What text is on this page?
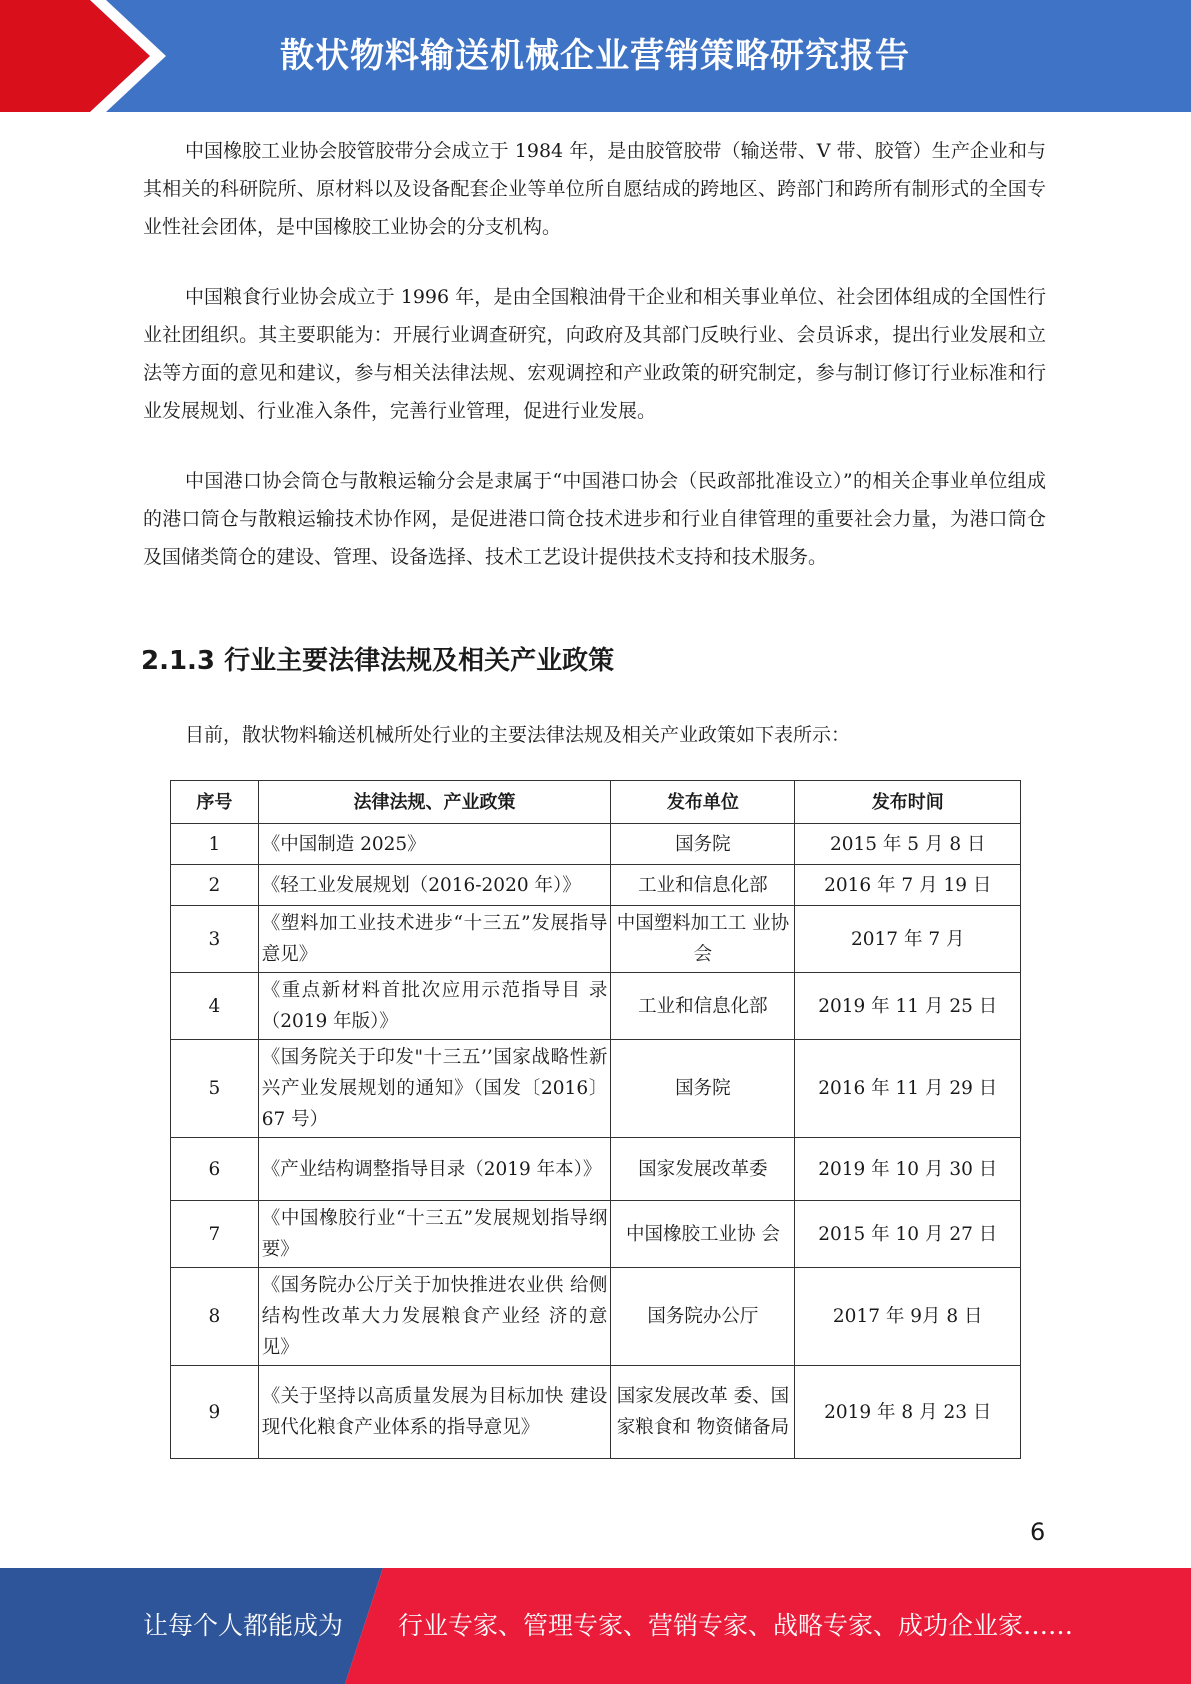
散状物料输送机械企业营销策略研究报告

中国橡胶工业协会胶管胶带分会成立于 1984 年，是由胶管胶带（输送带、V 带、胶管）生产企业和与其相关的科研院所、原材料以及设备配套企业等单位所自愿结成的跨地区、跨部门和跨所有制形式的全国专业性社会团体，是中国橡胶工业协会的分支机构。

中国粮食行业协会成立于 1996 年，是由全国粮油骨干企业和相关事业单位、社会团体组成的全国性行业社团组织。其主要职能为：开展行业调查研究，向政府及其部门反映行业、会员诉求，提出行业发展和立法等方面的意见和建议，参与相关法律法规、宏观调控和产业政策的研究制定，参与制订修订行业标准和行业发展规划、行业准入条件，完善行业管理，促进行业发展。

中国港口协会筒仓与散粮运输分会是隶属于“中国港口协会（民政部批准设立）”的相关企事业单位组成的港口筒仓与散粮运输技术协作网，是促进港口筒仓技术进步和行业自律管理的重要社会力量，为港口筒仓及国储类筒仓的建设、管理、设备选择、技术工艺设计提供技术支持和技术服务。

2.1.3 行业主要法律法规及相关产业政策

目前，散状物料输送机械所处行业的主要法律法规及相关产业政策如下表所示：

序号	法律法规、产业政策	发布单位	发布时间
1	《中国制造 2025》	国务院	2015 年 5 月 8 日
2	《轻工业发展规划（2016-2020 年）》	工业和信息化部	2016 年 7 月 19 日
3	《塑料加工业技术进步“十三五”发展指导意见》	中国塑料加工工 业协会	2017 年 7 月
4	《重点新材料首批次应用示范指导目 录（2019 年版）》	工业和信息化部	2019 年 11 月 25 日
5	《国务院关于印发"十三五’’国家战略性新兴产业发展规划的通知》（国发〔2016〕 67 号）	国务院	2016 年 11 月 29 日
6	《产业结构调整指导目录（2019 年本）》	国家发展改革委	2019 年 10 月 30 日
7	《中国橡胶行业“十三五”发展规划指导纲要》	中国橡胶工业协 会	2015 年 10 月 27 日
8	《国务院办公厅关于加快推进农业供 给侧结构性改革大力发展粮食产业经 济的意见》	国务院办公厅	2017 年 9月 8 日
9	《关于坚持以高质量发展为目标加快 建设现代化粮食产业体系的指导意见》	国家发展改革 委、国家粮食和 物资储备局	2019 年 8 月 23 日
6
让每个人都能成为 行业专家、管理专家、营销专家、战略专家、成功企业家……
